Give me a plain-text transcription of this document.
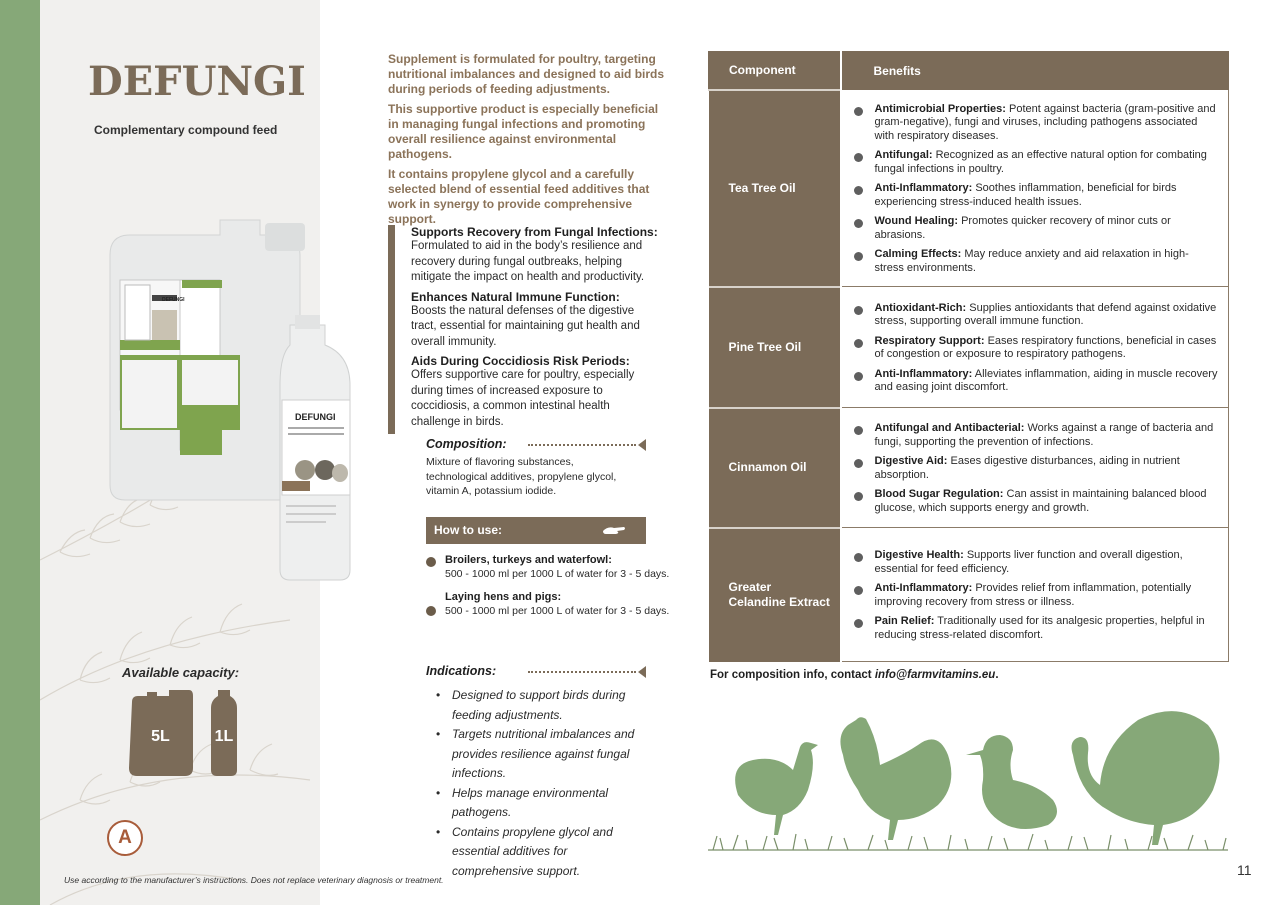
DEFUNGI
Complementary compound feed
DEFUNGI
DEFUNGI
Available capacity:
5L	1L
A
Use according to the manufacturer’s instructions. Does not replace veterinary diagnosis or treatment.
Supplement is formulated for poultry, targeting nutritional imbalances and designed to aid birds during periods of feeding adjustments.
This supportive product is especially beneficial in managing fungal infections and promoting overall resilience against environmental pathogens.
It contains propylene glycol and a carefully selected blend of essential feed additives that work in synergy to provide comprehensive support.
Supports Recovery from Fungal Infections:

Formulated to aid in the body’s resilience and recovery during fungal outbreaks, helping mitigate the impact on health and productivity.

Enhances Natural Immune Function:

Boosts the natural defenses of the digestive tract, essential for maintaining gut health and overall immunity.

Aids During Coccidiosis Risk Periods:

Offers supportive care for poultry, especially during times of increased exposure to coccidiosis, a common intestinal health challenge in birds.

Composition:
Mixture of flavoring substances, technological additives, propylene glycol, vitamin A, potassium iodide.
How to use:
Broilers, turkeys and waterfowl:
500 - 1000 ml per 1000 L of water for 3 - 5 days.
Laying hens and pigs:
500 - 1000 ml per 1000 L of water for 3 - 5 days.
Indications:
• Designed to support birds during feeding adjustments.
• Targets nutritional imbalances and provides resilience against fungal infections.
• Helps manage environmental pathogens.
• Contains propylene glycol and essential additives for comprehensive support.
Component	Benefits
Tea Tree Oil	Antimicrobial Properties: Potent against bacteria (gram-positive and gram-negative), fungi and viruses, including pathogens associated with respiratory diseases.
Antifungal: Recognized as an effective natural option for combating fungal infections in poultry.
Anti-Inflammatory: Soothes inflammation, beneficial for birds experiencing stress-induced health issues.
Wound Healing: Promotes quicker recovery of minor cuts or abrasions.
Calming Effects: May reduce anxiety and aid relaxation in high-stress environments.

Pine Tree Oil	Antioxidant-Rich: Supplies antioxidants that defend against oxidative stress, supporting overall immune function.
Respiratory Support: Eases respiratory functions, beneficial in cases of congestion or exposure to respiratory pathogens.
Anti-Inflammatory: Alleviates inflammation, aiding in muscle recovery and easing joint discomfort.

Cinnamon Oil	Antifungal and Antibacterial: Works against a range of bacteria and fungi, supporting the prevention of infections.
Digestive Aid: Eases digestive disturbances, aiding in nutrient absorption.
Blood Sugar Regulation: Can assist in maintaining balanced blood glucose, which supports energy and growth.

Greater Celandine Extract	Digestive Health: Supports liver function and overall digestion, essential for feed efficiency.
Anti-Inflammatory: Provides relief from inflammation, potentially improving recovery from stress or illness.
Pain Relief: Traditionally used for its analgesic properties, helpful in reducing stress-related discomfort.
For composition info, contact info@farmvitamins.eu.
11
